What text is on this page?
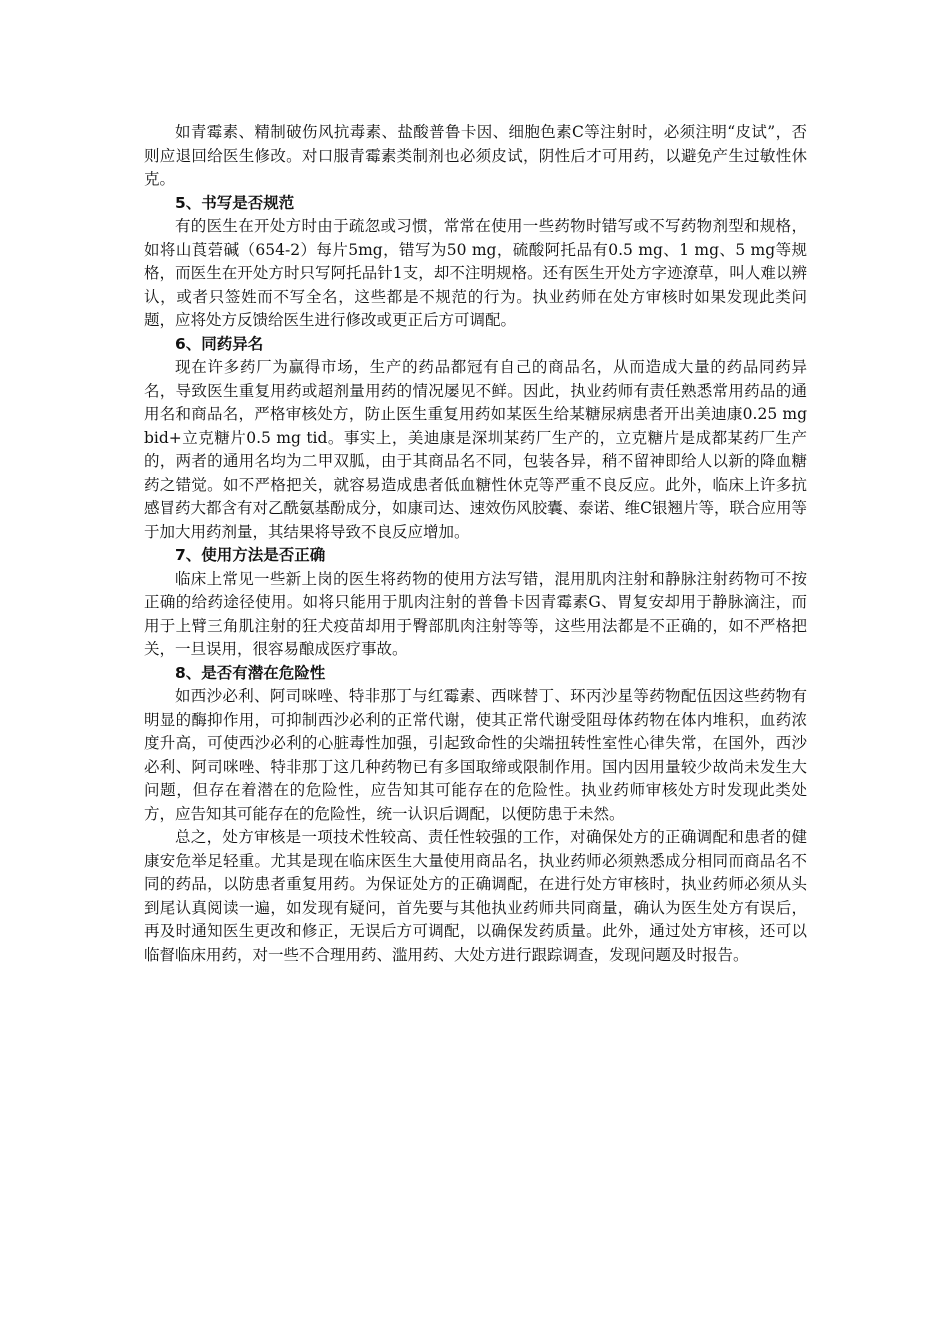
如青霉素、精制破伤风抗毒素、盐酸普鲁卡因、细胞色素C等注射时，必须注明“皮试”，否则应退回给医生修改。对口服青霉素类制剂也必须皮试，阴性后才可用药，以避免产生过敏性休克。

5、书写是否规范

有的医生在开处方时由于疏忽或习惯，常常在使用一些药物时错写或不写药物剂型和规格，如将山莨菪碱（654-2）每片5mg，错写为50 mg，硫酸阿托品有0.5 mg、1 mg、5 mg等规格，而医生在开处方时只写阿托品针1支，却不注明规格。还有医生开处方字迹潦草，叫人难以辨认，或者只签姓而不写全名，这些都是不规范的行为。执业药师在处方审核时如果发现此类问题，应将处方反馈给医生进行修改或更正后方可调配。

6、同药异名

现在许多药厂为赢得市场，生产的药品都冠有自己的商品名，从而造成大量的药品同药异名，导致医生重复用药或超剂量用药的情况屡见不鲜。因此，执业药师有责任熟悉常用药品的通用名和商品名，严格审核处方，防止医生重复用药如某医生给某糖尿病患者开出美迪康0.25 mg bid+立克糖片0.5 mg tid。事实上，美迪康是深圳某药厂生产的，立克糖片是成都某药厂生产的，两者的通用名均为二甲双胍，由于其商品名不同，包装各异，稍不留神即给人以新的降血糖药之错觉。如不严格把关，就容易造成患者低血糖性休克等严重不良反应。此外，临床上许多抗感冒药大都含有对乙酰氨基酚成分，如康司达、速效伤风胶囊、泰诺、维C银翘片等，联合应用等于加大用药剂量，其结果将导致不良反应增加。

7、使用方法是否正确

临床上常见一些新上岗的医生将药物的使用方法写错，混用肌肉注射和静脉注射药物可不按正确的给药途径使用。如将只能用于肌肉注射的普鲁卡因青霉素G、胃复安却用于静脉滴注，而用于上臂三角肌注射的狂犬疫苗却用于臀部肌肉注射等等，这些用法都是不正确的，如不严格把关，一旦误用，很容易酿成医疗事故。

8、是否有潜在危险性

如西沙必利、阿司咪唑、特非那丁与红霉素、西咪替丁、环丙沙星等药物配伍因这些药物有明显的酶抑作用，可抑制西沙必利的正常代谢，使其正常代谢受阻母体药物在体内堆积，血药浓度升高，可使西沙必利的心脏毒性加强，引起致命性的尖端扭转性室性心律失常，在国外，西沙必利、阿司咪唑、特非那丁这几种药物已有多国取缔或限制作用。国内因用量较少故尚未发生大问题，但存在着潜在的危险性，应告知其可能存在的危险性。执业药师审核处方时发现此类处方，应告知其可能存在的危险性，统一认识后调配，以便防患于未然。

总之，处方审核是一项技术性较高、责任性较强的工作，对确保处方的正确调配和患者的健康安危举足轻重。尤其是现在临床医生大量使用商品名，执业药师必须熟悉成分相同而商品名不同的药品，以防患者重复用药。为保证处方的正确调配，在进行处方审核时，执业药师必须从头到尾认真阅读一遍，如发现有疑问，首先要与其他执业药师共同商量，确认为医生处方有误后，再及时通知医生更改和修正，无误后方可调配，以确保发药质量。此外，通过处方审核，还可以临督临床用药，对一些不合理用药、滥用药、大处方进行跟踪调查，发现问题及时报告。
